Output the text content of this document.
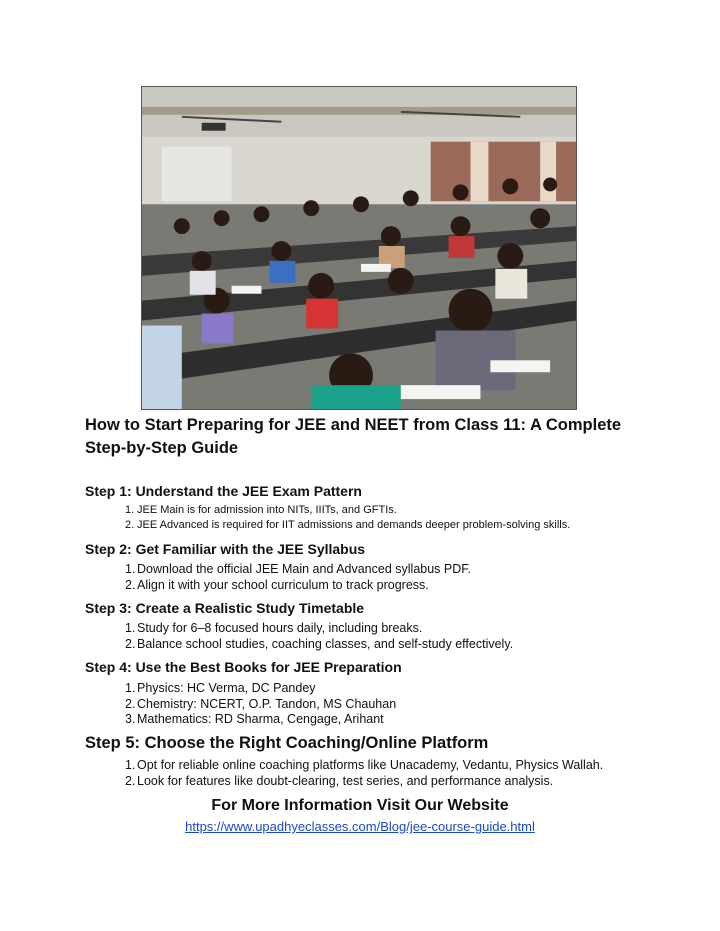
How to Start Preparing for JEE and NEET from Class 11: A Complete Step-by-Step Guide
Step 1: Understand the JEE Exam Pattern
1. JEE Main is for admission into NITs, IIITs, and GFTIs.
2. JEE Advanced is required for IIT admissions and demands deeper problem-solving skills.
Step 2: Get Familiar with the JEE Syllabus
1. Download the official JEE Main and Advanced syllabus PDF.
2. Align it with your school curriculum to track progress.
Step 3: Create a Realistic Study Timetable
1. Study for 6–8 focused hours daily, including breaks.
2. Balance school studies, coaching classes, and self-study effectively.
Step 4: Use the Best Books for JEE Preparation
1. Physics: HC Verma, DC Pandey
2. Chemistry: NCERT, O.P. Tandon, MS Chauhan
3. Mathematics: RD Sharma, Cengage, Arihant
Step 5: Choose the Right Coaching/Online Platform
1. Opt for reliable online coaching platforms like Unacademy, Vedantu, Physics Wallah.
2. Look for features like doubt-clearing, test series, and performance analysis.

For More Information Visit Our Website

https://www.upadhyeclasses.com/Blog/jee-course-guide.html
